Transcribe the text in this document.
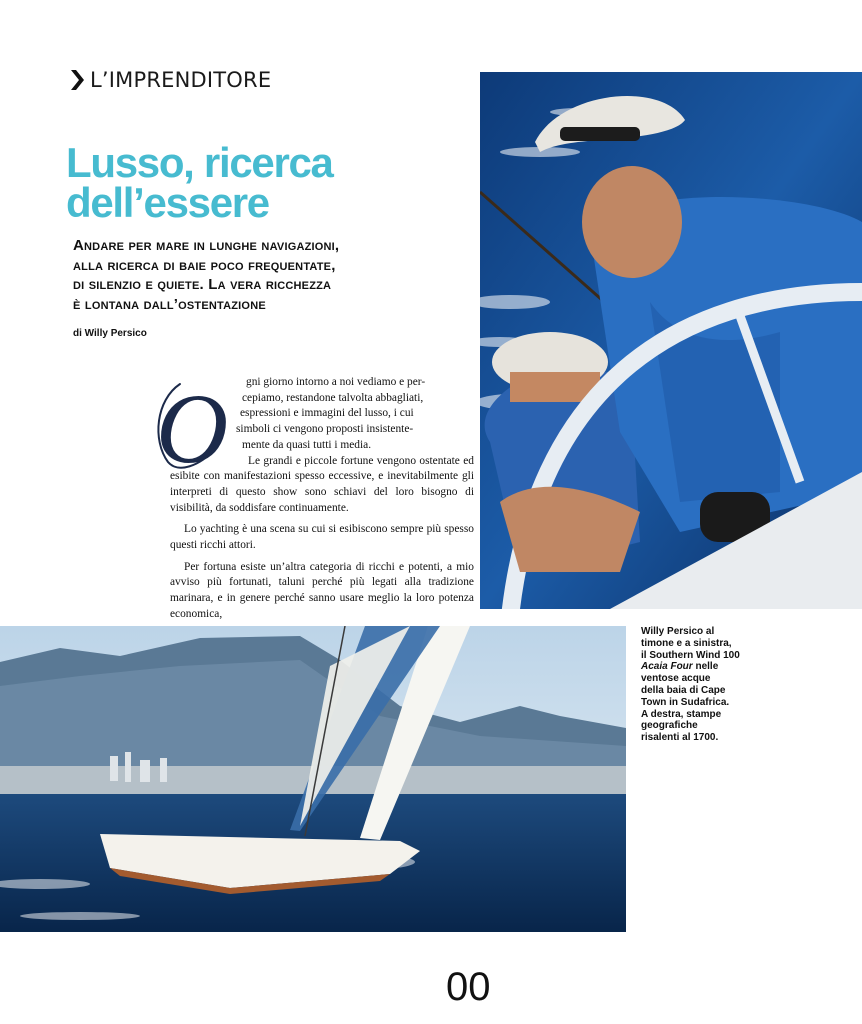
L’IMPRENDITORE
Lusso, ricerca
dell’essere
Andare per mare in lunghe navigazioni,
alla ricerca di baie poco frequentate,
di silenzio e quiete. La vera ricchezza
è lontana dall’ostentazione
di Willy Persico
O gni giorno intorno a noi vediamo e per-

cepiamo, restandone talvolta abbagliati,

espressioni e immagini del lusso, i cui

simboli ci vengono proposti insistente-

mente da quasi tutti i media.

Le grandi e piccole fortune vengono ostentate ed esibite con manifestazioni spesso eccessive, e inevitabilmente gli interpreti di questo show sono schiavi del loro bisogno di visibilità, da soddisfare continuamente.

Lo yachting è una scena su cui si esibiscono sempre più spesso questi ricchi attori.

Per fortuna esiste un’altra categoria di ricchi e potenti, a mio avviso più fortunati, taluni perché più legati alla tradizione marinara, e in genere perché sanno usare meglio la loro potenza economica,

Willy Persico al
timone e a sinistra,
il Southern Wind 100
Acaia Four nelle
ventose acque
della baia di Cape
Town in Sudafrica.
A destra, stampe
geografiche
risalenti al 1700.
00
